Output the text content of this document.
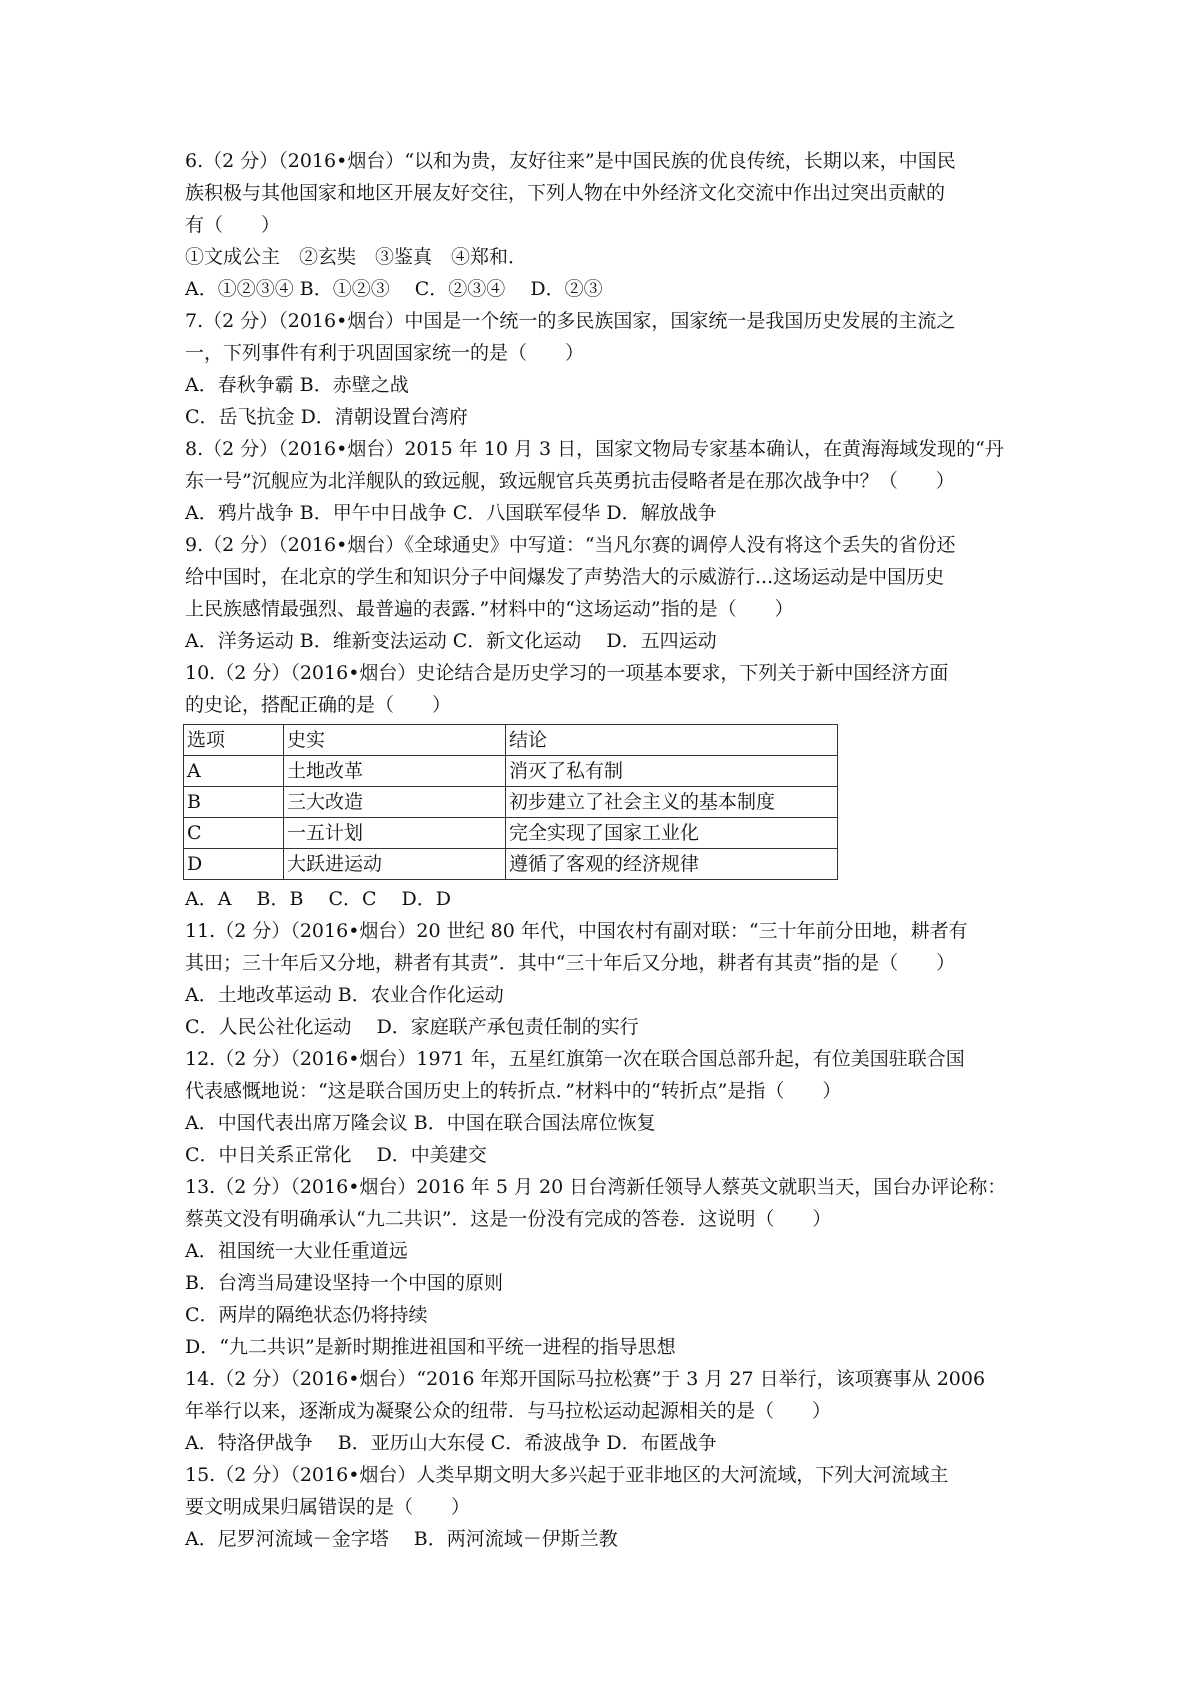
6.（2 分）（2016•烟台）“以和为贵，友好往来”是中国民族的优良传统，长期以来，中国民
族积极与其他国家和地区开展友好交往，下列人物在中外经济文化交流中作出过突出贡献的
有（　　）
①文成公主　②玄奘　③鉴真　④郑和．
A．①②③④ B．①②③　 C．②③④　 D．②③
7.（2 分）（2016•烟台）中国是一个统一的多民族国家，国家统一是我国历史发展的主流之
一，下列事件有利于巩固国家统一的是（　　）
A．春秋争霸 B．赤壁之战
C．岳飞抗金 D．清朝设置台湾府
8.（2 分）（2016•烟台）2015 年 10 月 3 日，国家文物局专家基本确认，在黄海海域发现的“丹
东一号”沉舰应为北洋舰队的致远舰，致远舰官兵英勇抗击侵略者是在那次战争中？（　　）
A．鸦片战争 B．甲午中日战争 C．八国联军侵华 D．解放战争
9.（2 分）（2016•烟台）《全球通史》中写道：“当凡尔赛的调停人没有将这个丢失的省份还
给中国时，在北京的学生和知识分子中间爆发了声势浩大的示威游行...这场运动是中国历史
上民族感情最强烈、最普遍的表露．”材料中的“这场运动”指的是（　　）
A．洋务运动 B．维新变法运动 C．新文化运动　 D．五四运动
10.（2 分）（2016•烟台）史论结合是历史学习的一项基本要求，下列关于新中国经济方面
的史论，搭配正确的是（　　）
选项	史实	结论
A	土地改革	消灭了私有制
B	三大改造	初步建立了社会主义的基本制度
C	一五计划	完全实现了国家工业化
D	大跃进运动	遵循了客观的经济规律
A．A　 B．B　 C．C　 D．D
11.（2 分）（2016•烟台）20 世纪 80 年代，中国农村有副对联：“三十年前分田地，耕者有
其田；三十年后又分地，耕者有其责”．其中“三十年后又分地，耕者有其责”指的是（　　）
A．土地改革运动 B．农业合作化运动
C．人民公社化运动　 D．家庭联产承包责任制的实行
12.（2 分）（2016•烟台）1971 年，五星红旗第一次在联合国总部升起，有位美国驻联合国
代表感慨地说：“这是联合国历史上的转折点．”材料中的“转折点”是指（　　）
A．中国代表出席万隆会议 B．中国在联合国法席位恢复
C．中日关系正常化　 D．中美建交
13.（2 分）（2016•烟台）2016 年 5 月 20 日台湾新任领导人蔡英文就职当天，国台办评论称：
蔡英文没有明确承认“九二共识”．这是一份没有完成的答卷．这说明（　　）
A．祖国统一大业任重道远
B．台湾当局建设坚持一个中国的原则
C．两岸的隔绝状态仍将持续
D．“九二共识”是新时期推进祖国和平统一进程的指导思想
14.（2 分）（2016•烟台）“2016 年郑开国际马拉松赛”于 3 月 27 日举行，该项赛事从 2006
年举行以来，逐渐成为凝聚公众的纽带．与马拉松运动起源相关的是（　　）
A．特洛伊战争　 B．亚历山大东侵 C．希波战争 D．布匿战争
15.（2 分）（2016•烟台）人类早期文明大多兴起于亚非地区的大河流域，下列大河流域主
要文明成果归属错误的是（　　）
A．尼罗河流域－金字塔　 B．两河流域－伊斯兰教
